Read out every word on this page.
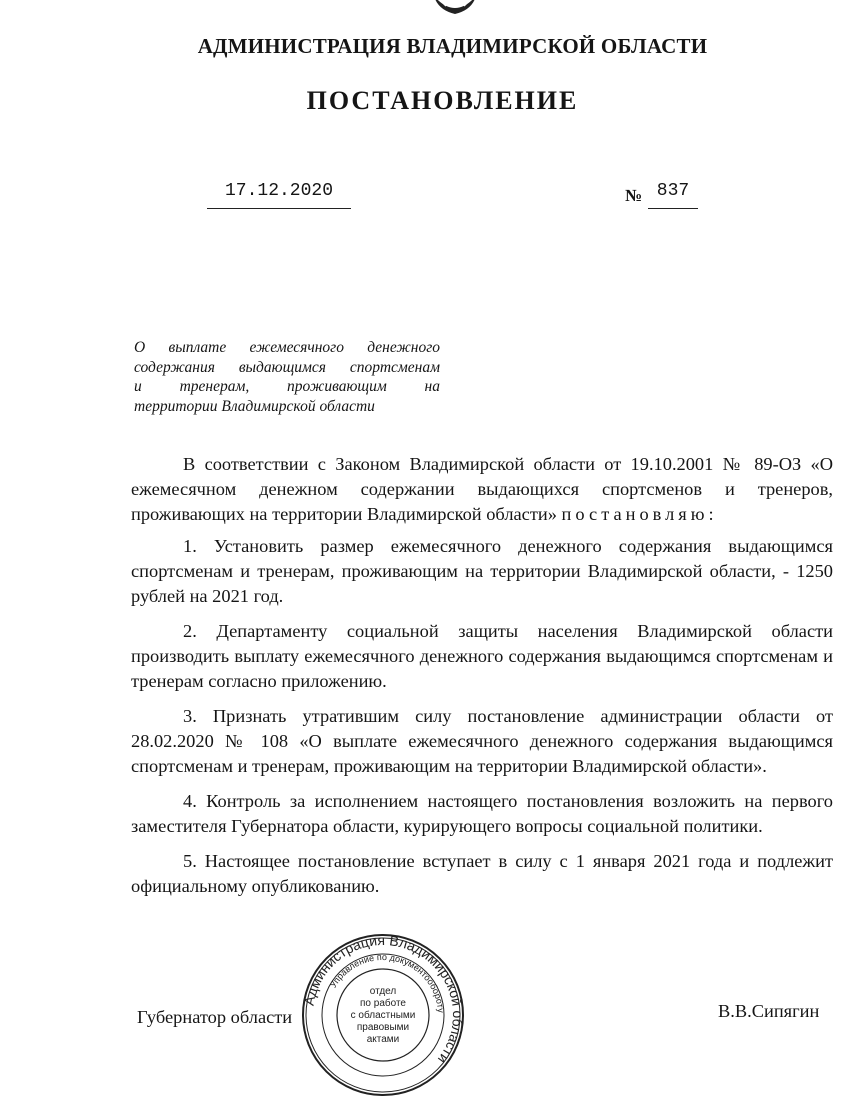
АДМИНИСТРАЦИЯ ВЛАДИМИРСКОЙ ОБЛАСТИ
ПОСТАНОВЛЕНИЕ
17.12.2020	№ 837
О выплате ежемесячного денежного
содержания выдающимся спортсменам
и тренерам, проживающим на
территории Владимирской области

В соответствии с Законом Владимирской области от 19.10.2001 № 89-ОЗ «О ежемесячном денежном содержании выдающихся спортсменов и тренеров, проживающих на территории Владимирской области» постановляю:

1. Установить размер ежемесячного денежного содержания выдающимся спортсменам и тренерам, проживающим на территории Владимирской области, - 1250 рублей на 2021 год.

2. Департаменту социальной защиты населения Владимирской области производить выплату ежемесячного денежного содержания выдающимся спортсменам и тренерам согласно приложению.

3. Признать утратившим силу постановление администрации области от 28.02.2020 № 108 «О выплате ежемесячного денежного содержания выдающимся спортсменам и тренерам, проживающим на территории Владимирской области».

4. Контроль за исполнением настоящего постановления возложить на первого заместителя Губернатора области, курирующего вопросы социальной политики.

5. Настоящее постановление вступает в силу с 1 января 2021 года и подлежит официальному опубликованию.

Губернатор области	В.В.Сипягин
Администрация Владимирской области
Управление по документообороту
отдел
по работе
с областными
правовыми
актами
